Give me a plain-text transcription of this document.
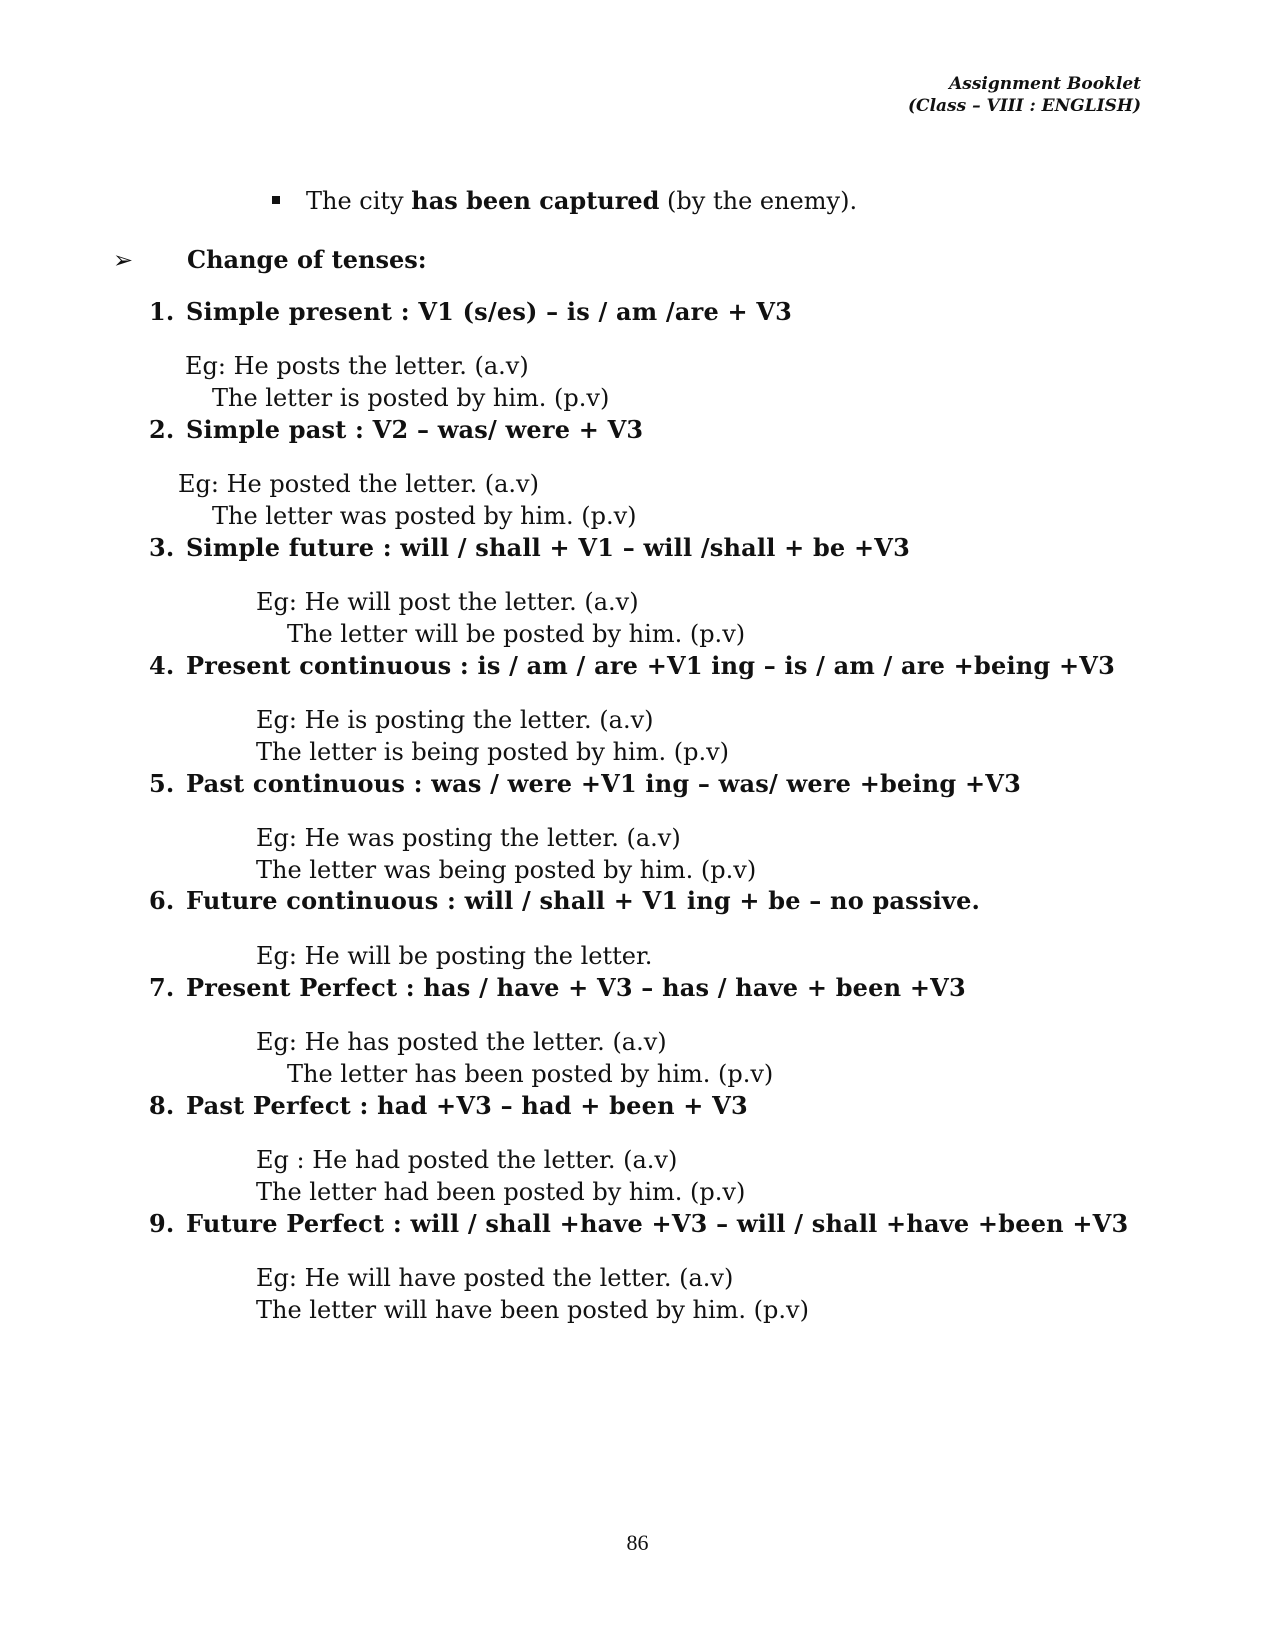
Assignment Booklet
(Class – VIII : ENGLISH)
The city has been captured (by the enemy).
➢ Change of tenses:
1. Simple present : V1 (s/es) – is / am /are + V3
Eg: He posts the letter. (a.v)
The letter is posted by him. (p.v)
2. Simple past : V2 – was/ were + V3
Eg: He posted the letter. (a.v)
The letter was posted by him. (p.v)
3. Simple future : will / shall + V1 – will /shall + be +V3
Eg: He will post the letter. (a.v)
The letter will be posted by him. (p.v)
4. Present continuous : is / am / are +V1 ing – is / am / are +being +V3
Eg: He is posting the letter. (a.v)
The letter is being posted by him. (p.v)
5. Past continuous : was / were +V1 ing – was/ were +being +V3
Eg: He was posting the letter. (a.v)
The letter was being posted by him. (p.v)
6. Future continuous : will / shall + V1 ing + be – no passive.
Eg: He will be posting the letter.
7. Present Perfect : has / have + V3 – has / have + been +V3
Eg: He has posted the letter. (a.v)
The letter has been posted by him. (p.v)
8. Past Perfect : had +V3 – had + been + V3
Eg : He had posted the letter. (a.v)
The letter had been posted by him. (p.v)
9. Future Perfect : will / shall +have +V3 – will / shall +have +been +V3
Eg: He will have posted the letter. (a.v)
The letter will have been posted by him. (p.v)
86
